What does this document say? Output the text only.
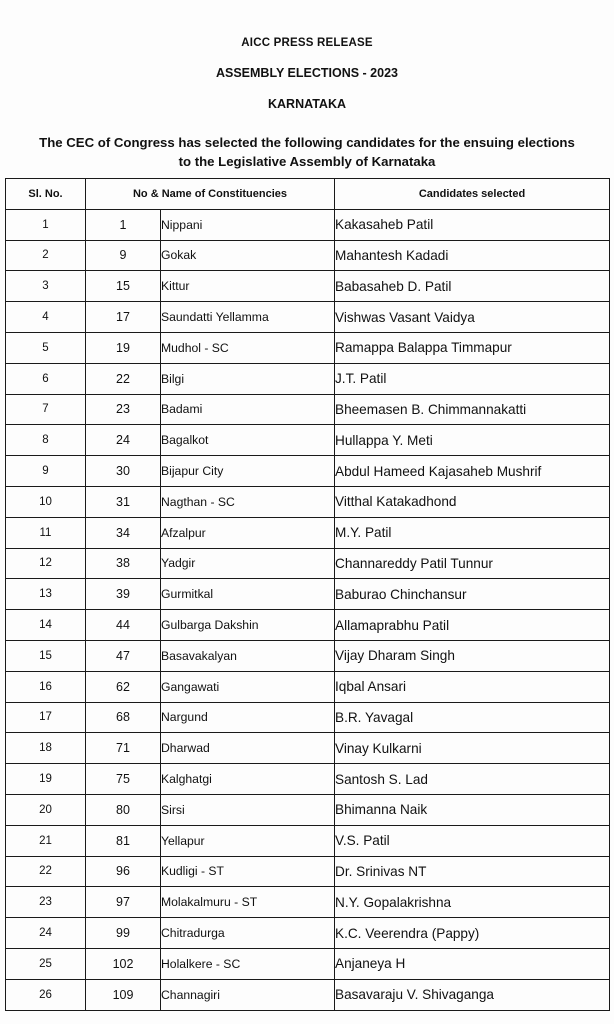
AICC PRESS RELEASE
ASSEMBLY ELECTIONS - 2023
KARNATAKA
The CEC of Congress has selected the following candidates for the ensuing elections
to the Legislative Assembly of Karnataka
Sl. No.	No & Name of Constituencies		Candidates selected
1	1	Nippani	Kakasaheb Patil
2	9	Gokak	Mahantesh Kadadi
3	15	Kittur	Babasaheb D. Patil
4	17	Saundatti Yellamma	Vishwas Vasant Vaidya
5	19	Mudhol - SC	Ramappa Balappa Timmapur
6	22	Bilgi	J.T. Patil
7	23	Badami	Bheemasen B. Chimmannakatti
8	24	Bagalkot	Hullappa Y. Meti
9	30	Bijapur City	Abdul Hameed Kajasaheb Mushrif
10	31	Nagthan - SC	Vitthal Katakadhond
11	34	Afzalpur	M.Y. Patil
12	38	Yadgir	Channareddy Patil Tunnur
13	39	Gurmitkal	Baburao Chinchansur
14	44	Gulbarga Dakshin	Allamaprabhu Patil
15	47	Basavakalyan	Vijay Dharam Singh
16	62	Gangawati	Iqbal Ansari
17	68	Nargund	B.R. Yavagal
18	71	Dharwad	Vinay Kulkarni
19	75	Kalghatgi	Santosh S. Lad
20	80	Sirsi	Bhimanna Naik
21	81	Yellapur	V.S. Patil
22	96	Kudligi - ST	Dr. Srinivas NT
23	97	Molakalmuru - ST	N.Y. Gopalakrishna
24	99	Chitradurga	K.C. Veerendra (Pappy)
25	102	Holalkere - SC	Anjaneya H
26	109	Channagiri	Basavaraju V. Shivaganga
